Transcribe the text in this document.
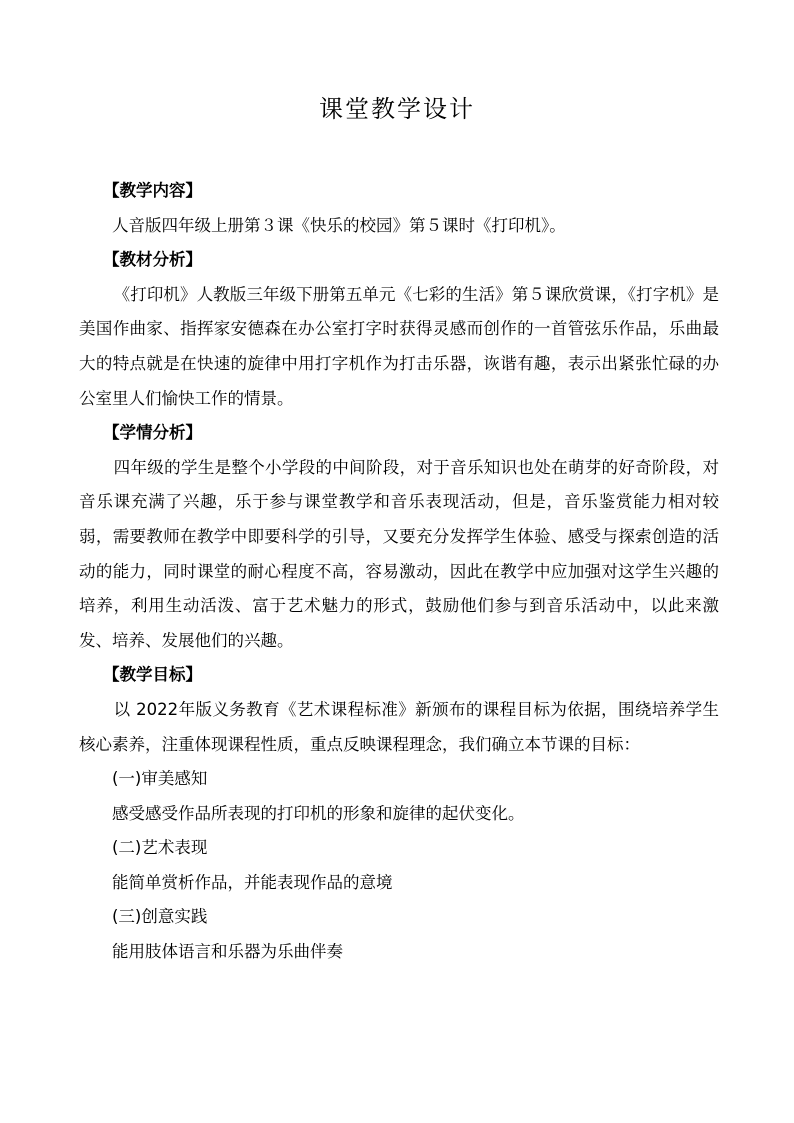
课堂教学设计

【教学内容】

人音版四年级上册第３课《快乐的校园》第５课时《打印机》。

【教材分析】

《打印机》人教版三年级下册第五单元《七彩的生活》第５课欣赏课，《打字机》是美国作曲家、指挥家安德森在办公室打字时获得灵感而创作的一首管弦乐作品，乐曲最大的特点就是在快速的旋律中用打字机作为打击乐器，诙谐有趣，表示出紧张忙碌的办公室里人们愉快工作的情景。

【学情分析】

四年级的学生是整个小学段的中间阶段，对于音乐知识也处在萌芽的好奇阶段，对音乐课充满了兴趣，乐于参与课堂教学和音乐表现活动，但是，音乐鉴赏能力相对较弱，需要教师在教学中即要科学的引导，又要充分发挥学生体验、感受与探索创造的活动的能力，同时课堂的耐心程度不高，容易激动，因此在教学中应加强对这学生兴趣的培养，利用生动活泼、富于艺术魅力的形式，鼓励他们参与到音乐活动中，以此来激发、培养、发展他们的兴趣。

【教学目标】

以 2022年版义务教育《艺术课程标准》新颁布的课程目标为依据，围绕培养学生核心素养，注重体现课程性质，重点反映课程理念，我们确立本节课的目标：

(一)审美感知

感受感受作品所表现的打印机的形象和旋律的起伏变化。

(二)艺术表现

能简单赏析作品，并能表现作品的意境

(三)创意实践

能用肢体语言和乐器为乐曲伴奏
